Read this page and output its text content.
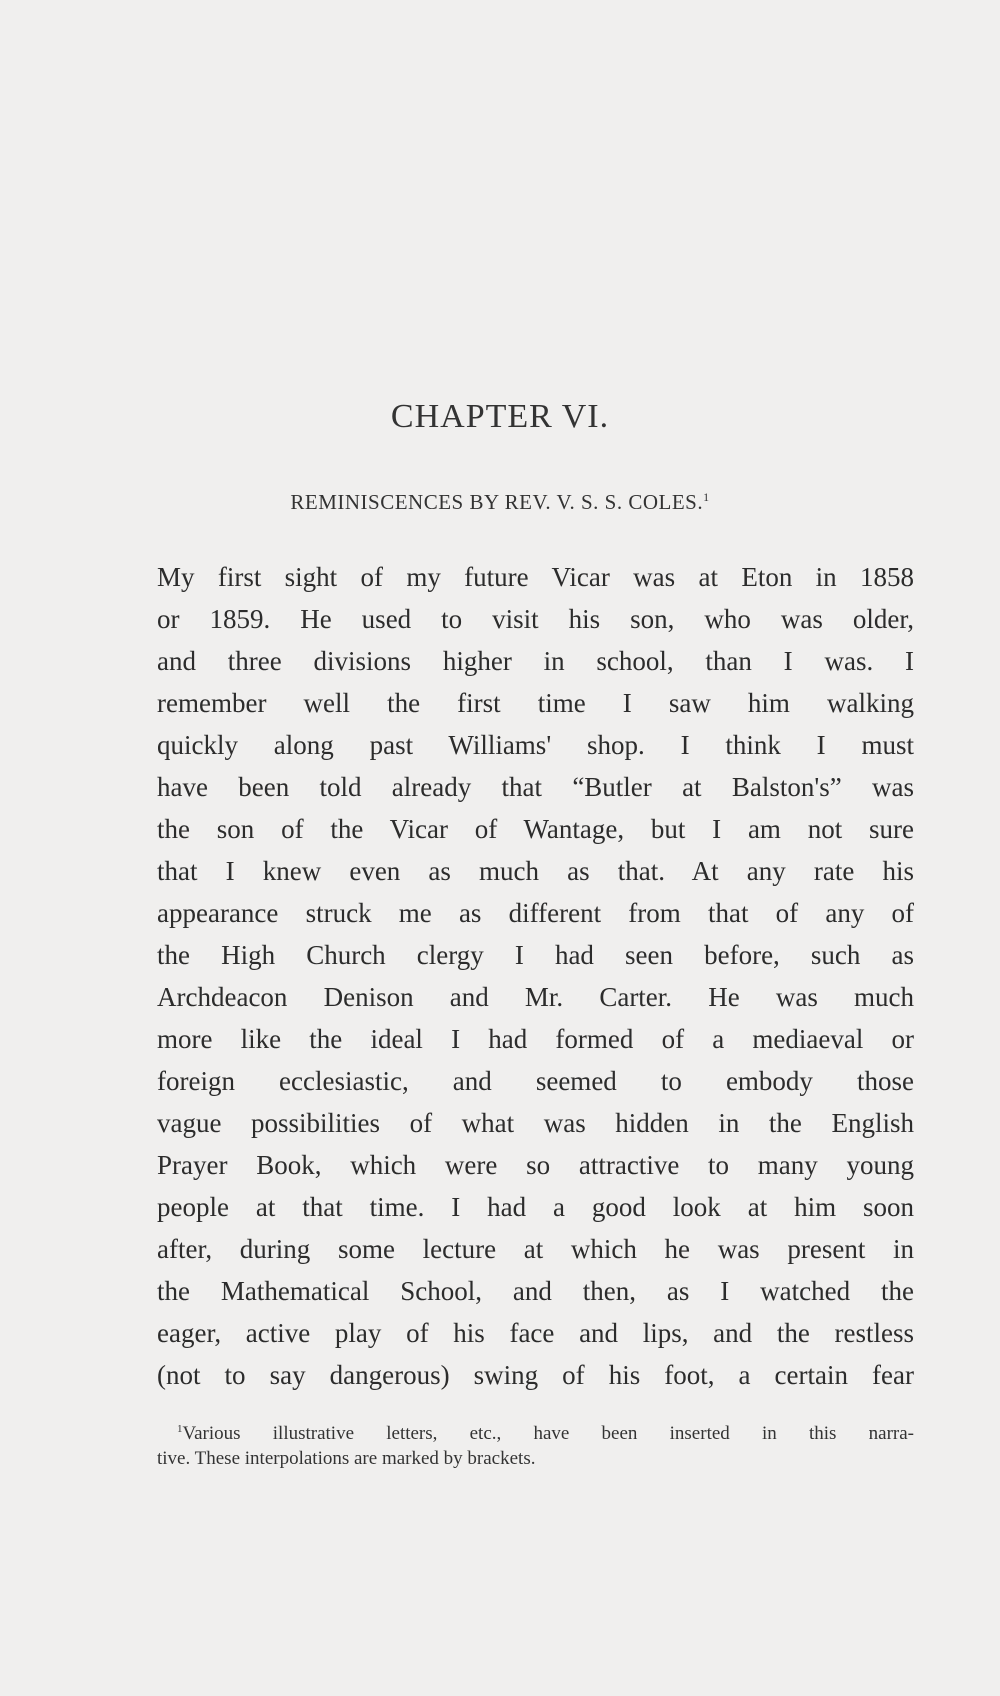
CHAPTER VI.
REMINISCENCES BY REV. V. S. S. COLES.$^1$
My first sight of my future Vicar was at Eton in 1858
or 1859. He used to visit his son, who was older,
and three divisions higher in school, than I was. I
remember well the first time I saw him walking
quickly along past Williams' shop. I think I must
have been told already that “Butler at Balston's” was
the son of the Vicar of Wantage, but I am not sure
that I knew even as much as that. At any rate his
appearance struck me as different from that of any of
the High Church clergy I had seen before, such as
Archdeacon Denison and Mr. Carter. He was much
more like the ideal I had formed of a mediaeval or
foreign ecclesiastic, and seemed to embody those
vague possibilities of what was hidden in the English
Prayer Book, which were so attractive to many young
people at that time. I had a good look at him soon
after, during some lecture at which he was present in
the Mathematical School, and then, as I watched the
eager, active play of his face and lips, and the restless
(not to say dangerous) swing of his foot, a certain fear
$^1$Various illustrative letters, etc., have been inserted in this narra-
tive. These interpolations are marked by brackets.
